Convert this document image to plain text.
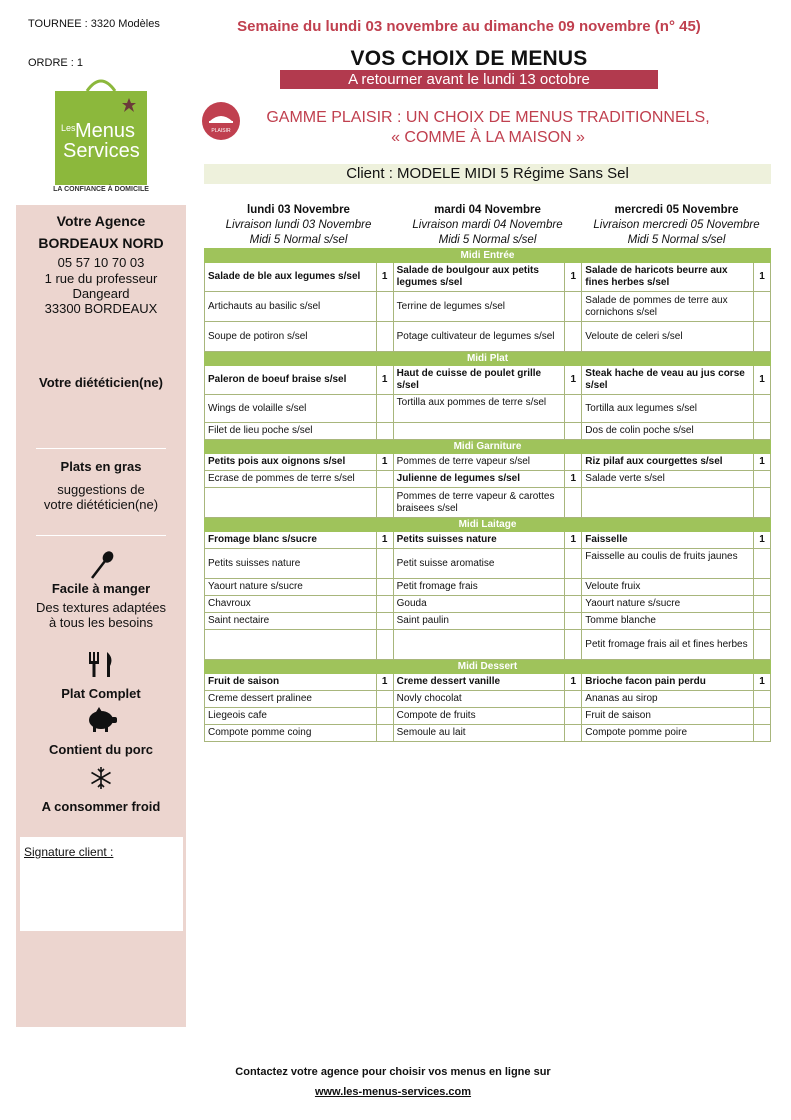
TOURNEE : 3320 Modèles
ORDRE : 1
Semaine du lundi 03 novembre au dimanche 09 novembre (n° 45)
VOS CHOIX DE MENUS
A retourner avant le lundi 13 octobre
Les Menus
Services
LA CONFIANCE À DOMICILE
PLAISIR
GAMME PLAISIR : UN CHOIX DE MENUS TRADITIONNELS,
« COMME À LA MAISON »
Client : MODELE MIDI 5 Régime Sans Sel
Votre Agence
BORDEAUX NORD
05 57 10 70 03
1 rue du professeur
Dangeard
33300 BORDEAUX
Votre diététicien(ne)
Plats en gras
suggestions de
votre diététicien(ne)
Facile à manger
Des textures adaptées
à tous les besoins
Plat Complet
Contient du porc
A consommer froid
Signature client :
lundi 03 Novembre
Livraison lundi 03 Novembre
Midi 5 Normal s/sel
mardi 04 Novembre
Livraison mardi 04 Novembre
Midi 5 Normal s/sel
mercredi 05 Novembre
Livraison mercredi 05 Novembre
Midi 5 Normal s/sel
Midi Entrée					
Salade de ble aux legumes s/sel	1	Salade de boulgour aux petits legumes s/sel	1	Salade de haricots beurre aux fines herbes s/sel	1
Artichauts au basilic s/sel		Terrine de legumes s/sel		Salade de pommes de terre aux cornichons s/sel	
Soupe de potiron s/sel		Potage cultivateur de legumes s/sel		Veloute de celeri s/sel	
Midi Plat					
Paleron de boeuf braise s/sel	1	Haut de cuisse de poulet grille s/sel	1	Steak hache de veau au jus corse s/sel	1
Wings de volaille s/sel		Tortilla aux pommes de terre s/sel		Tortilla aux legumes s/sel	
Filet de lieu poche s/sel				Dos de colin poche s/sel	
Midi Garniture					
Petits pois aux oignons s/sel	1	Pommes de terre vapeur s/sel		Riz pilaf aux courgettes s/sel	1
Ecrase de pommes de terre s/sel		Julienne de legumes s/sel	1	Salade verte s/sel	
		Pommes de terre vapeur & carottes braisees s/sel			
Midi Laitage					
Fromage blanc s/sucre	1	Petits suisses nature	1	Faisselle	1
Petits suisses nature		Petit suisse aromatise		Faisselle au coulis de fruits jaunes	
Yaourt nature s/sucre		Petit fromage frais		Veloute fruix	
Chavroux		Gouda		Yaourt nature s/sucre	
Saint nectaire		Saint paulin		Tomme blanche	
				Petit fromage frais ail et fines herbes	
Midi Dessert					
Fruit de saison	1	Creme dessert vanille	1	Brioche facon pain perdu	1
Creme dessert pralinee		Novly chocolat		Ananas au sirop	
Liegeois cafe		Compote de fruits		Fruit de saison	
Compote pomme coing		Semoule au lait		Compote pomme poire	
Contactez votre agence pour choisir vos menus en ligne sur
www.les-menus-services.com
